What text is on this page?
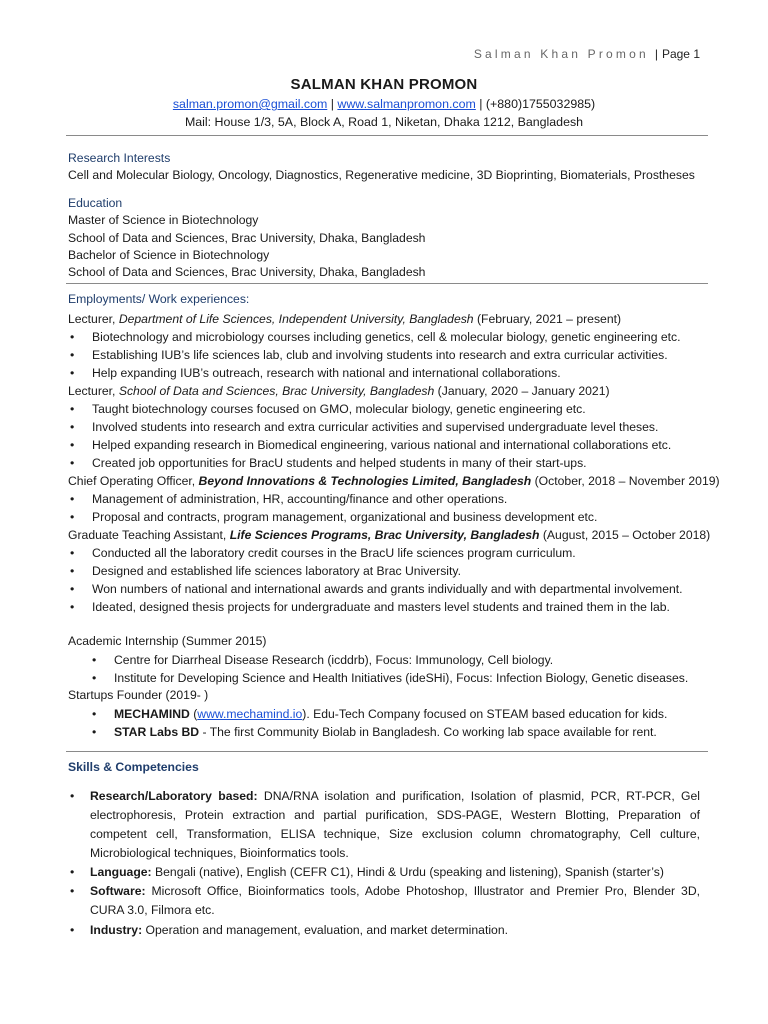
Salman Khan Promon | Page 1
SALMAN KHAN PROMON
salman.promon@gmail.com | www.salmanpromon.com | (+880)1755032985)
Mail: House 1/3, 5A, Block A, Road 1, Niketan, Dhaka 1212, Bangladesh
Research Interests
Cell and Molecular Biology, Oncology, Diagnostics, Regenerative medicine, 3D Bioprinting, Biomaterials, Prostheses
Education
Master of Science in Biotechnology
School of Data and Sciences, Brac University, Dhaka, Bangladesh
Bachelor of Science in Biotechnology
School of Data and Sciences, Brac University, Dhaka, Bangladesh
Employments/ Work experiences:
Lecturer, Department of Life Sciences, Independent University, Bangladesh (February, 2021 – present)
• Biotechnology and microbiology courses including genetics, cell & molecular biology, genetic engineering etc.
• Establishing IUB’s life sciences lab, club and involving students into research and extra curricular activities.
• Help expanding IUB’s outreach, research with national and international collaborations.
Lecturer, School of Data and Sciences, Brac University, Bangladesh (January, 2020 – January 2021)
• Taught biotechnology courses focused on GMO, molecular biology, genetic engineering etc.
• Involved students into research and extra curricular activities and supervised undergraduate level theses.
• Helped expanding research in Biomedical engineering, various national and international collaborations etc.
• Created job opportunities for BracU students and helped students in many of their start-ups.
Chief Operating Officer, Beyond Innovations & Technologies Limited, Bangladesh (October, 2018 – November 2019)
• Management of administration, HR, accounting/finance and other operations.
• Proposal and contracts, program management, organizational and business development etc.
Graduate Teaching Assistant, Life Sciences Programs, Brac University, Bangladesh (August, 2015 – October 2018)
• Conducted all the laboratory credit courses in the BracU life sciences program curriculum.
• Designed and established life sciences laboratory at Brac University.
• Won numbers of national and international awards and grants individually and with departmental involvement.
• Ideated, designed thesis projects for undergraduate and masters level students and trained them in the lab.
Academic Internship (Summer 2015)
• Centre for Diarrheal Disease Research (icddrb), Focus: Immunology, Cell biology.
• Institute for Developing Science and Health Initiatives (ideSHi), Focus: Infection Biology, Genetic diseases.
Startups Founder (2019- )
• MECHAMIND (www.mechamind.io). Edu-Tech Company focused on STEAM based education for kids.
• STAR Labs BD - The first Community Biolab in Bangladesh. Co working lab space available for rent.
Skills & Competencies
• Research/Laboratory based: DNA/RNA isolation and purification, Isolation of plasmid, PCR, RT-PCR, Gel
electrophoresis, Protein extraction and partial purification, SDS-PAGE, Western Blotting, Preparation of
competent cell, Transformation, ELISA technique, Size exclusion column chromatography, Cell culture,
Microbiological techniques, Bioinformatics tools.
• Language: Bengali (native), English (CEFR C1), Hindi & Urdu (speaking and listening), Spanish (starter’s)
• Software: Microsoft Office, Bioinformatics tools, Adobe Photoshop, Illustrator and Premier Pro, Blender 3D,
CURA 3.0, Filmora etc.
• Industry: Operation and management, evaluation, and market determination.
